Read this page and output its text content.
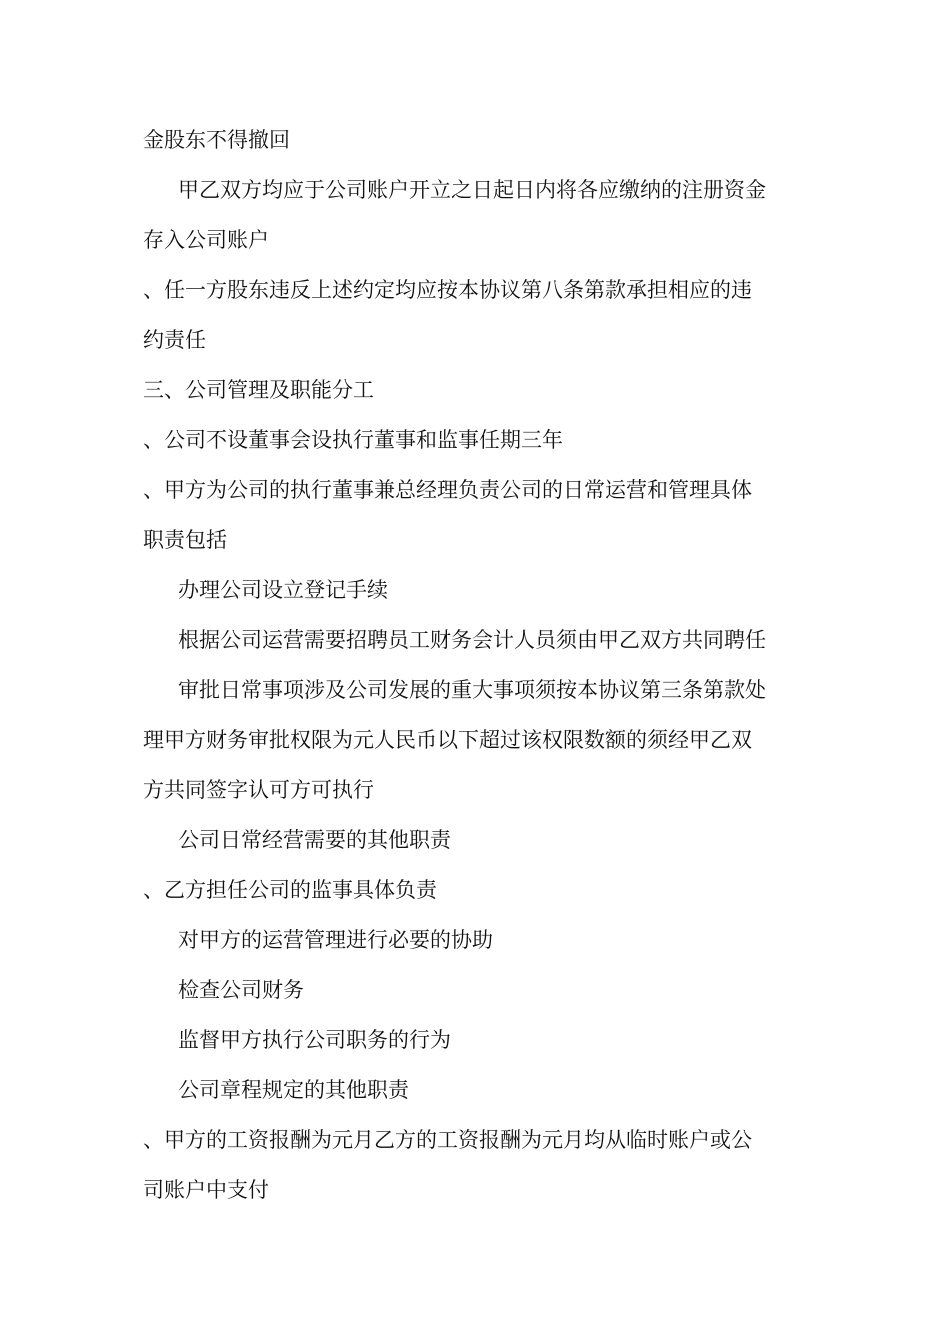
金股东不得撤回
甲乙双方均应于公司账户开立之日起日内将各应缴纳的注册资金
存入公司账户
、任一方股东违反上述约定均应按本协议第八条第款承担相应的违
约责任
三、公司管理及职能分工
、公司不设董事会设执行董事和监事任期三年
、甲方为公司的执行董事兼总经理负责公司的日常运营和管理具体
职责包括
办理公司设立登记手续
根据公司运营需要招聘员工财务会计人员须由甲乙双方共同聘任
审批日常事项涉及公司发展的重大事项须按本协议第三条第款处
理甲方财务审批权限为元人民币以下超过该权限数额的须经甲乙双
方共同签字认可方可执行
公司日常经营需要的其他职责
、乙方担任公司的监事具体负责
对甲方的运营管理进行必要的协助
检查公司财务
监督甲方执行公司职务的行为
公司章程规定的其他职责
、甲方的工资报酬为元月乙方的工资报酬为元月均从临时账户或公
司账户中支付
